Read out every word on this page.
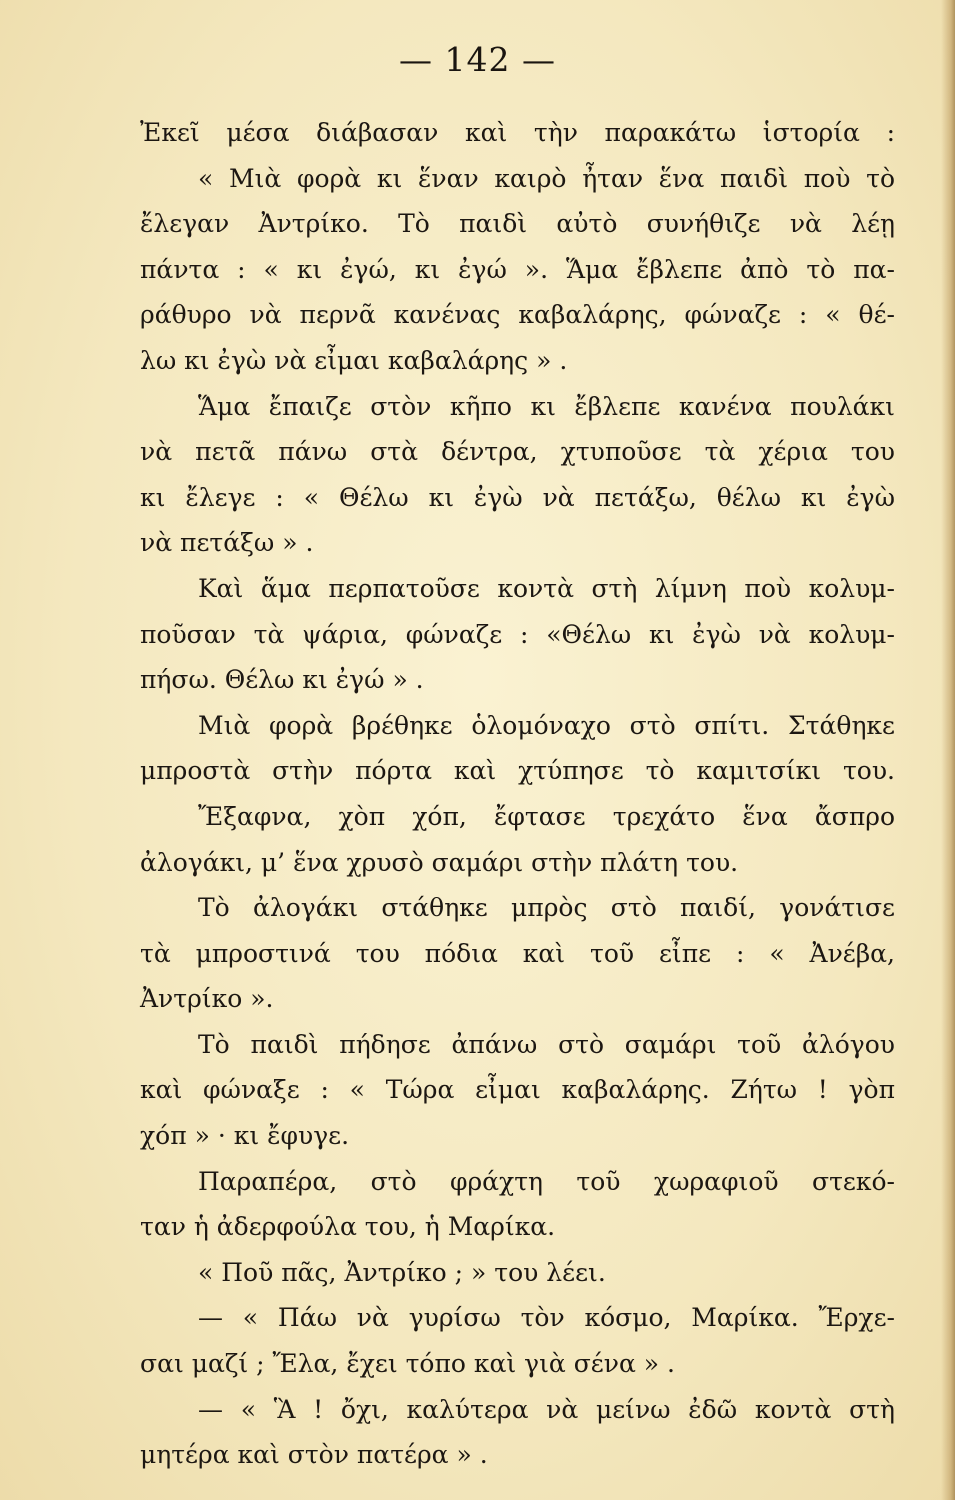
— 142 —
Ἐκεῖ μέσα διάβασαν καὶ τὴν παρακάτω ἱστορία :
« Μιὰ φορὰ κι ἕναν καιρὸ ἦταν ἕνα παιδὶ ποὺ τὸ
ἔλεγαν Ἀντρίκο. Τὸ παιδὶ αὐτὸ συνήθιζε νὰ λέῃ
πάντα : « κι ἐγώ, κι ἐγώ ». Ἅμα ἔβλεπε ἀπὸ τὸ πα-
ράθυρο νὰ περνᾶ κανένας καβαλάρης, φώναζε : « θέ-
λω κι ἐγὼ νὰ εἶμαι καβαλάρης » .
Ἅμα ἔπαιζε στὸν κῆπο κι ἔβλεπε κανένα πουλάκι
νὰ πετᾶ πάνω στὰ δέντρα, χτυποῦσε τὰ χέρια του
κι ἔλεγε : « Θέλω κι ἐγὼ νὰ πετάξω, θέλω κι ἐγὼ
νὰ πετάξω » .
Καὶ ἅμα περπατοῦσε κοντὰ στὴ λίμνη ποὺ κολυμ-
ποῦσαν τὰ ψάρια, φώναζε : «Θέλω κι ἐγὼ νὰ κολυμ-
πήσω. Θέλω κι ἐγώ » .
Μιὰ φορὰ βρέθηκε ὁλομόναχο στὸ σπίτι. Στάθηκε
μπροστὰ στὴν πόρτα καὶ χτύπησε τὸ καμιτσίκι του.
Ἔξαφνα, χὸπ χόπ, ἔφτασε τρεχάτο ἕνα ἄσπρο
ἀλογάκι, μ’ ἕνα χρυσὸ σαμάρι στὴν πλάτη του.
Τὸ ἀλογάκι στάθηκε μπρὸς στὸ παιδί, γονάτισε
τὰ μπροστινά του πόδια καὶ τοῦ εἶπε : « Ἀνέβα,
Ἀντρίκο ».
Τὸ παιδὶ πήδησε ἀπάνω στὸ σαμάρι τοῦ ἀλόγου
καὶ φώναξε : « Τώρα εἶμαι καβαλάρης. Ζήτω ! γὸπ
χόπ » · κι ἔφυγε.
Παραπέρα, στὸ φράχτη τοῦ χωραφιοῦ στεκό-
ταν ἡ ἀδερφούλα του, ἡ Μαρίκα.
« Ποῦ πᾶς, Ἀντρίκο ; » του λέει.
— « Πάω νὰ γυρίσω τὸν κόσμο, Μαρίκα. Ἔρχε-
σαι μαζί ; Ἔλα, ἔχει τόπο καὶ γιὰ σένα » .
— « Ἃ ! ὄχι, καλύτερα νὰ μείνω ἐδῶ κοντὰ στὴ
μητέρα καὶ στὸν πατέρα » .
